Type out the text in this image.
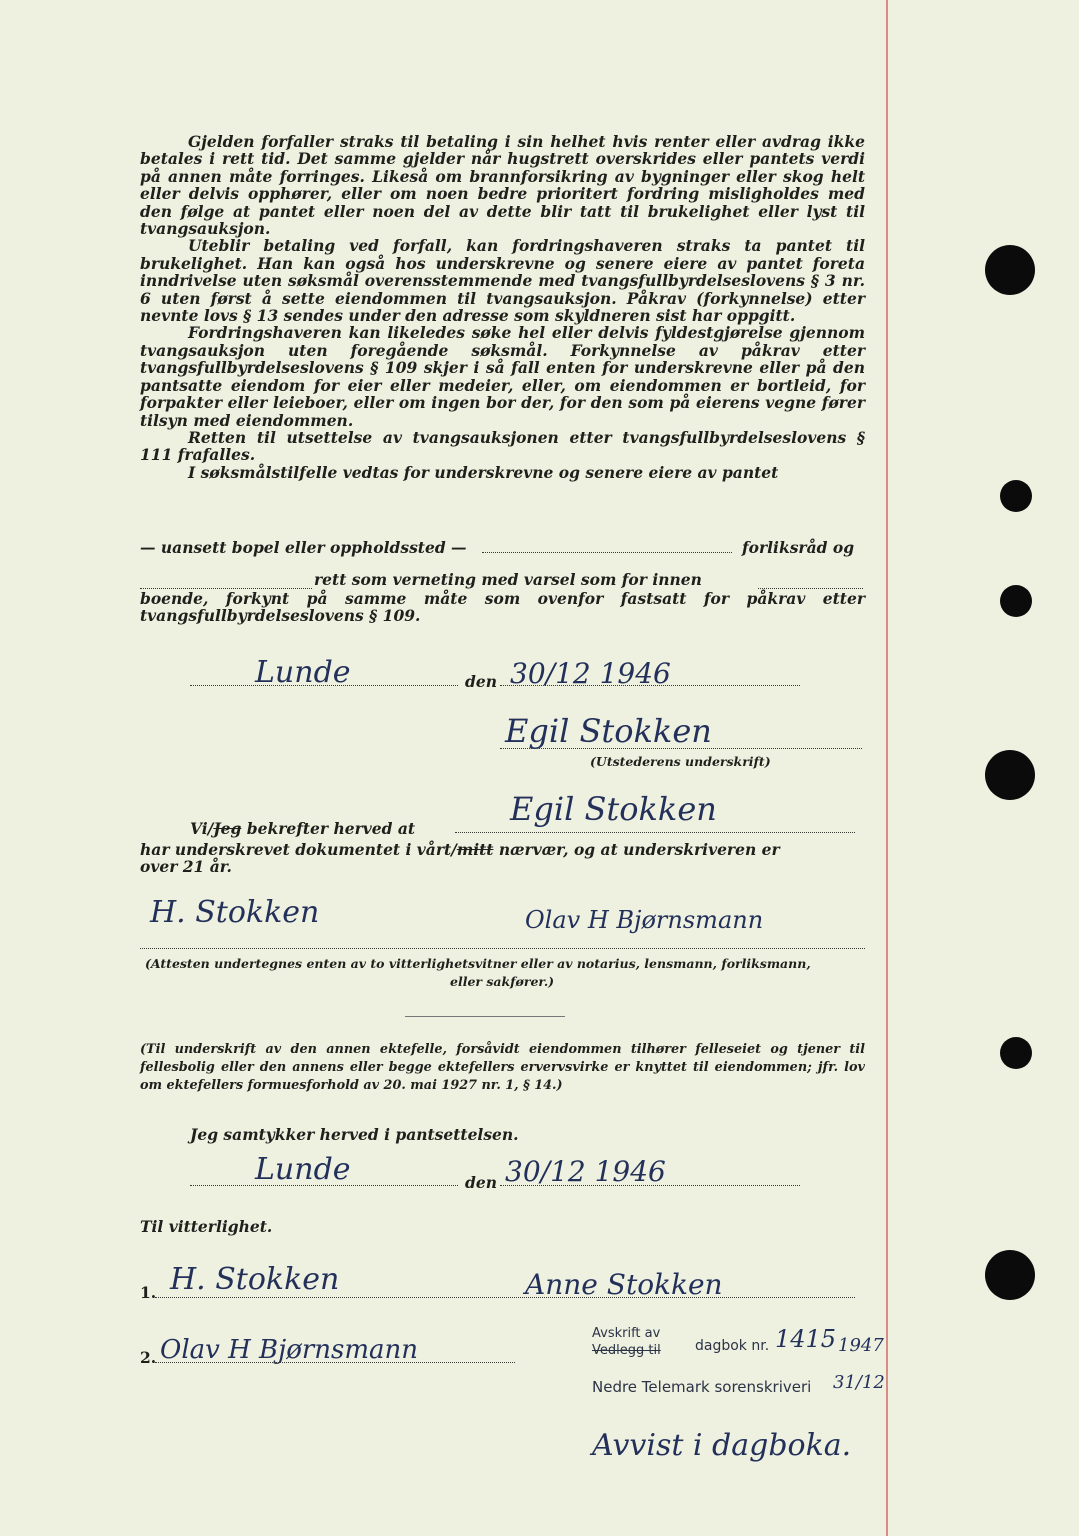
Gjelden forfaller straks til betaling i sin helhet hvis renter eller avdrag ikke betales i rett tid. Det samme gjelder når hugstrett overskrides eller pantets verdi på annen måte forringes. Likeså om brannforsikring av bygninger eller skog helt eller delvis opphører, eller om noen bedre prioritert fordring misligholdes med den følge at pantet eller noen del av dette blir tatt til brukelighet eller lyst til tvangsauksjon.

Uteblir betaling ved forfall, kan fordringshaveren straks ta pantet til brukelighet. Han kan også hos underskrevne og senere eiere av pantet foreta inndrivelse uten søksmål overensstemmende med tvangsfullbyrdelseslovens § 3 nr. 6 uten først å sette eiendommen til tvangsauksjon. Påkrav (forkynnelse) etter nevnte lovs § 13 sendes under den adresse som skyldneren sist har oppgitt.

Fordringshaveren kan likeledes søke hel eller delvis fyldestgjørelse gjennom tvangsauksjon uten foregående søksmål. Forkynnelse av påkrav etter tvangsfullbyrdelseslovens § 109 skjer i så fall enten for underskrevne eller på den pantsatte eiendom for eier eller medeier, eller, om eiendommen er bortleid, for forpakter eller leieboer, eller om ingen bor der, for den som på eierens vegne fører tilsyn med eiendommen.

Retten til utsettelse av tvangsauksjonen etter tvangsfullbyrdelseslovens § 111 frafalles.

I søksmålstilfelle vedtas for underskrevne og senere eiere av pantet

— uansett bopel eller oppholdssted —	forliksråd og
rett som verneting med varsel som for innen

boende, forkynt på samme måte som ovenfor fastsatt for påkrav etter tvangsfullbyrdelseslovens § 109.

Lunde	den 30/12 1946
Egil Stokken
(Utstederens underskrift)
Egil Stokken
Vi/Jeg bekrefter herved at
har underskrevet dokumentet i vårt/mitt nærvær, og at underskriveren er
over 21 år.
H. Stokken	Olav H Bjørnsmann
(Attesten undertegnes enten av to vitterlighetsvitner eller av notarius, lensmann, forliksmann,
eller sakfører.)
(Til underskrift av den annen ektefelle, forsåvidt eiendommen tilhører felleseiet og tjener til fellesbolig eller den annens eller begge ektefellers ervervsvirke er knyttet til eiendommen; jfr. lov om ektefellers formuesforhold av 20. mai 1927 nr. 1, § 14.)
Jeg samtykker herved i pantsettelsen.
Lunde	den 30/12 1946
Til vitterlighet.
1. H. Stokken	Anne Stokken
2. Olav H Bjørnsmann
Avskrift av
Vedlegg til dagbok nr. 1415 1947
Nedre Telemark sorenskriveri 31/12
Avvist i dagboka.
